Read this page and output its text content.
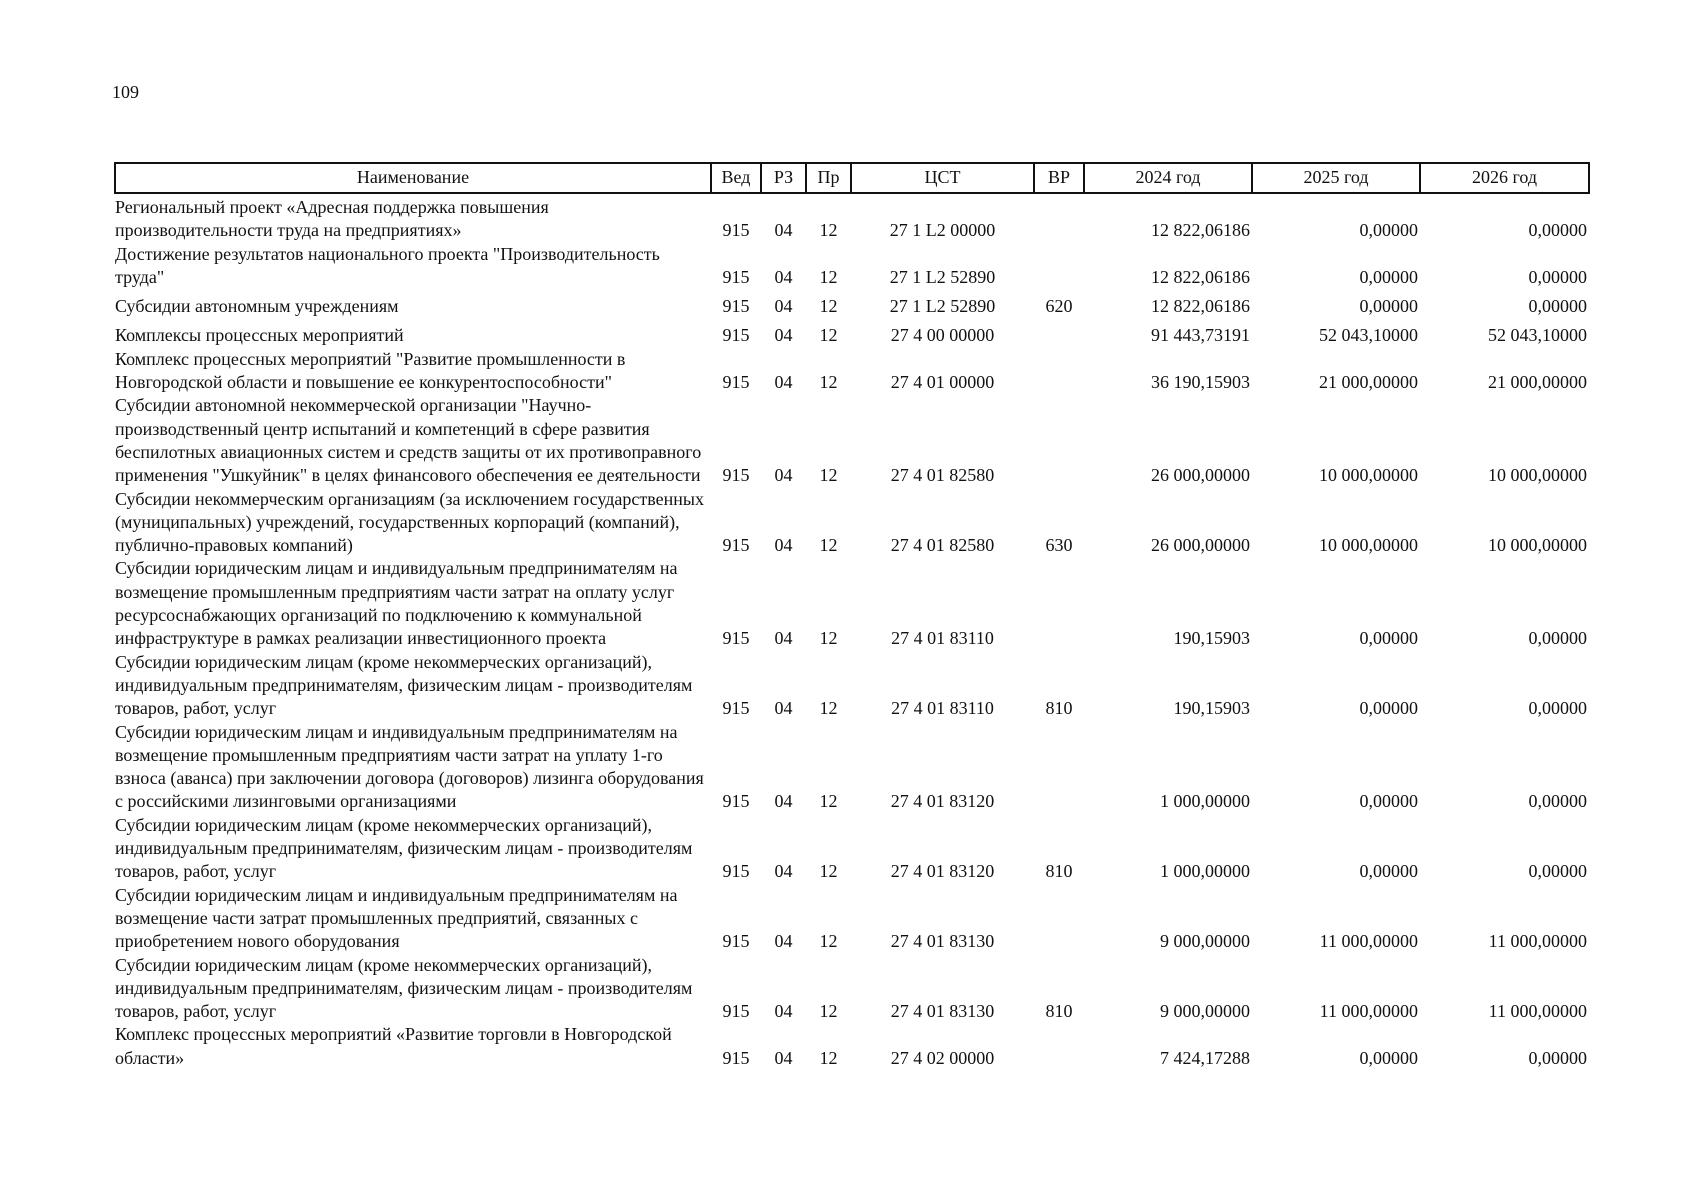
109
Наименование	Вед	РЗ	Пр	ЦСТ	ВР	2024 год	2025 год	2026 год
Региональный проект «Адресная поддержка повышения производительности труда на предприятиях»	915	04	12	27 1 L2 00000		12 822,06186	0,00000	0,00000
Достижение результатов национального проекта "Производительность труда"	915	04	12	27 1 L2 52890		12 822,06186	0,00000	0,00000
Субсидии автономным учреждениям	915	04	12	27 1 L2 52890	620	12 822,06186	0,00000	0,00000
Комплексы процессных мероприятий	915	04	12	27 4 00 00000		91 443,73191	52 043,10000	52 043,10000
Комплекс процессных мероприятий "Развитие промышленности в Новгородской области и повышение ее конкурентоспособности"	915	04	12	27 4 01 00000		36 190,15903	21 000,00000	21 000,00000
Субсидии автономной некоммерческой организации "Научно-производственный центр испытаний и компетенций в сфере развития беспилотных авиационных систем и средств защиты от их противоправного применения "Ушкуйник" в целях финансового обеспечения ее деятельности	915	04	12	27 4 01 82580		26 000,00000	10 000,00000	10 000,00000
Субсидии некоммерческим организациям (за исключением государственных (муниципальных) учреждений, государственных корпораций (компаний), публично-правовых компаний)	915	04	12	27 4 01 82580	630	26 000,00000	10 000,00000	10 000,00000
Субсидии юридическим лицам и индивидуальным предпринимателям на возмещение промышленным предприятиям части затрат на оплату услуг ресурсоснабжающих организаций по подключению к коммунальной инфраструктуре в рамках реализации инвестиционного проекта	915	04	12	27 4 01 83110		190,15903	0,00000	0,00000
Субсидии юридическим лицам (кроме некоммерческих организаций), индивидуальным предпринимателям, физическим лицам - производителям товаров, работ, услуг	915	04	12	27 4 01 83110	810	190,15903	0,00000	0,00000
Субсидии юридическим лицам и индивидуальным предпринимателям на возмещение промышленным предприятиям части затрат на уплату 1-го взноса (аванса) при заключении договора (договоров) лизинга оборудования с российскими лизинговыми организациями	915	04	12	27 4 01 83120		1 000,00000	0,00000	0,00000
Субсидии юридическим лицам (кроме некоммерческих организаций), индивидуальным предпринимателям, физическим лицам - производителям товаров, работ, услуг	915	04	12	27 4 01 83120	810	1 000,00000	0,00000	0,00000
Субсидии юридическим лицам и индивидуальным предпринимателям на возмещение части затрат промышленных предприятий, связанных с приобретением нового оборудования	915	04	12	27 4 01 83130		9 000,00000	11 000,00000	11 000,00000
Субсидии юридическим лицам (кроме некоммерческих организаций), индивидуальным предпринимателям, физическим лицам - производителям товаров, работ, услуг	915	04	12	27 4 01 83130	810	9 000,00000	11 000,00000	11 000,00000
Комплекс процессных мероприятий «Развитие торговли в Новгородской области»	915	04	12	27 4 02 00000		7 424,17288	0,00000	0,00000
